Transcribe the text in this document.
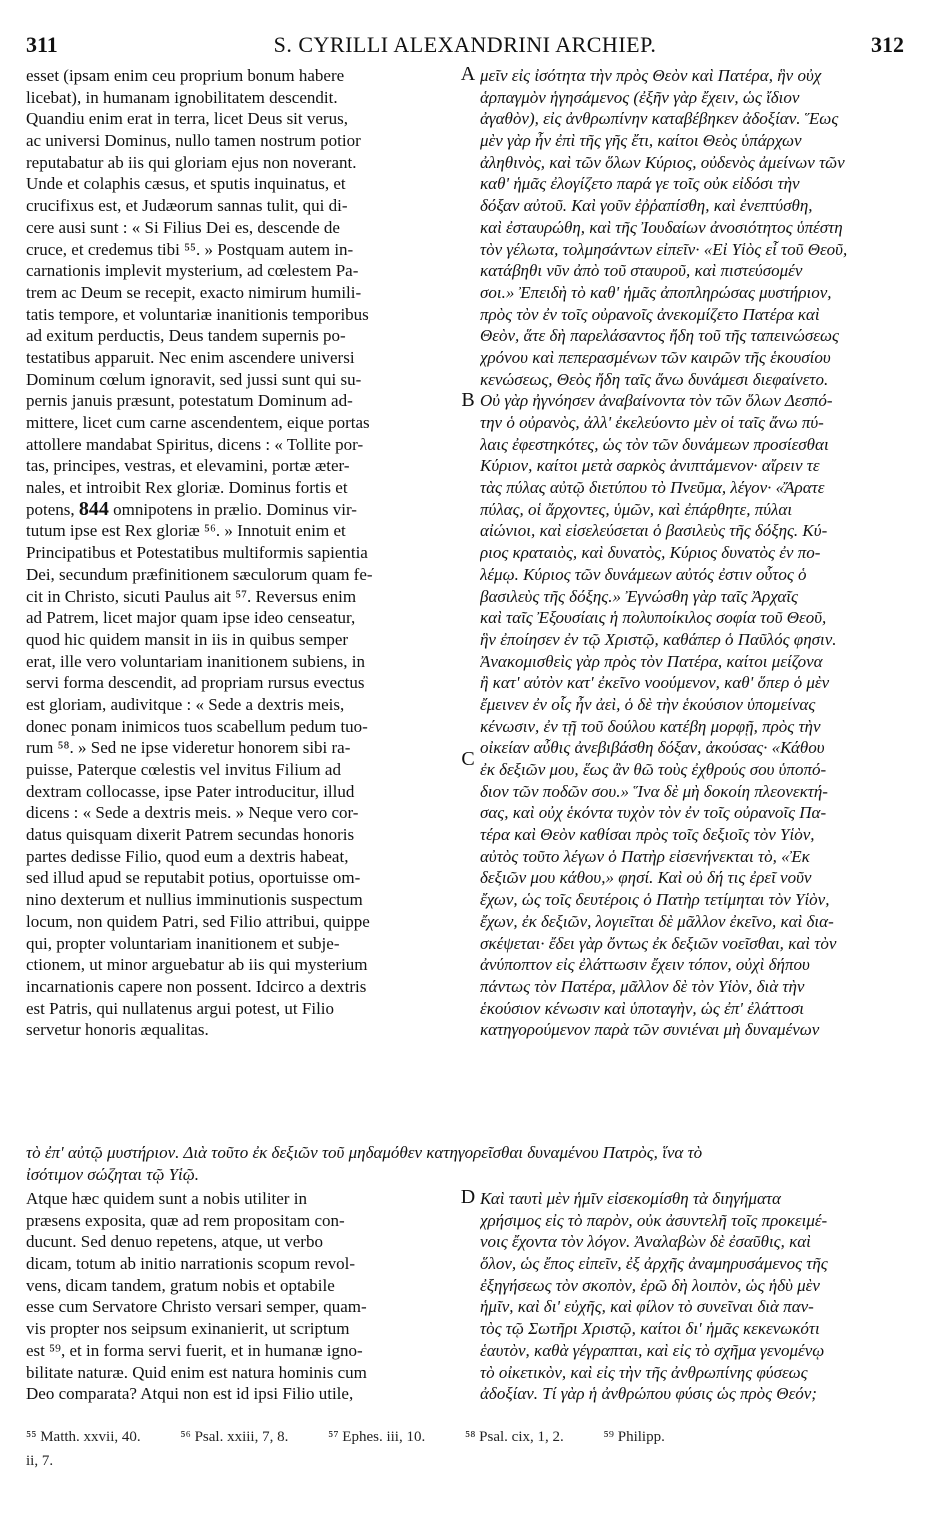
311	S. CYRILLI ALEXANDRINI ARCHIEP.	312
esset (ipsam enim ceu proprium bonum habere
licebat), in humanam ignobilitatem descendit.
Quandiu enim erat in terra, licet Deus sit verus,
ac universi Dominus, nullo tamen nostrum potior
reputabatur ab iis qui gloriam ejus non noverant.
Unde et colaphis cæsus, et sputis inquinatus, et
crucifixus est, et Judæorum sannas tulit, qui di-
cere ausi sunt : « Si Filius Dei es, descende de
cruce, et credemus tibi ⁵⁵. » Postquam autem in-
carnationis implevit mysterium, ad cœlestem Pa-
trem ac Deum se recepit, exacto nimirum humili-
tatis tempore, et voluntariæ inanitionis temporibus
ad exitum perductis, Deus tandem supernis po-
testatibus apparuit. Nec enim ascendere universi
Dominum cœlum ignoravit, sed jussi sunt qui su-
pernis januis præsunt, potestatum Dominum ad-
mittere, licet cum carne ascendentem, eique portas
attollere mandabat Spiritus, dicens : « Tollite por-
tas, principes, vestras, et elevamini, portæ æter-
nales, et introibit Rex gloriæ. Dominus fortis et
potens, 844 omnipotens in prælio. Dominus vir-
tutum ipse est Rex gloriæ ⁵⁶. » Innotuit enim et
Principatibus et Potestatibus multiformis sapientia
Dei, secundum præfinitionem sæculorum quam fe-
cit in Christo, sicuti Paulus ait ⁵⁷. Reversus enim
ad Patrem, licet major quam ipse ideo censeatur,
quod hic quidem mansit in iis in quibus semper
erat, ille vero voluntariam inanitionem subiens, in
servi forma descendit, ad propriam rursus evectus
est gloriam, audivitque : « Sede a dextris meis,
donec ponam inimicos tuos scabellum pedum tuo-
rum ⁵⁸. » Sed ne ipse videretur honorem sibi ra-
puisse, Paterque cœlestis vel invitus Filium ad
dextram collocasse, ipse Pater introducitur, illud
dicens : « Sede a dextris meis. » Neque vero cor-
datus quisquam dixerit Patrem secundas honoris
partes dedisse Filio, quod eum a dextris habeat,
sed illud apud se reputabit potius, oportuisse om-
nino dexterum et nullius imminutionis suspectum
locum, non quidem Patri, sed Filio attribui, quippe
qui, propter voluntariam inanitionem et subje-
ctionem, ut minor arguebatur ab iis qui mysterium
incarnationis capere non possent. Idcirco a dextris
est Patris, qui nullatenus argui potest, ut Filio
servetur honoris æqualitas.
μεῖν εἰς ἰσότητα τὴν πρὸς Θεὸν καὶ Πατέρα, ἣν οὐχ
ἁρπαγμὸν ἡγησάμενος (ἐξῆν γὰρ ἔχειν, ὡς ἴδιον
ἀγαθὸν), εἰς ἀνθρωπίνην καταβέβηκεν ἀδοξίαν. Ἕως
μὲν γὰρ ἦν ἐπὶ τῆς γῆς ἔτι, καίτοι Θεὸς ὑπάρχων
ἀληθινὸς, καὶ τῶν ὅλων Κύριος, οὐδενὸς ἀμείνων τῶν
καθ' ἡμᾶς ἐλογίζετο παρά γε τοῖς οὐκ εἰδόσι τὴν
δόξαν αὐτοῦ. Καὶ γοῦν ἐῤῥαπίσθη, καὶ ἐνεπτύσθη,
καὶ ἐσταυρώθη, καὶ τῆς Ἰουδαίων ἀνοσιότητος ὑπέστη
τὸν γέλωτα, τολμησάντων εἰπεῖν· «Εἰ Υἱὸς εἶ τοῦ Θεοῦ,
κατάβηθι νῦν ἀπὸ τοῦ σταυροῦ, καὶ πιστεύσομέν
σοι.» Ἐπειδὴ τὸ καθ' ἡμᾶς ἀποπληρώσας μυστήριον,
πρὸς τὸν ἐν τοῖς οὐρανοῖς ἀνεκομίζετο Πατέρα καὶ
Θεὸν, ἅτε δὴ παρελάσαντος ἤδη τοῦ τῆς ταπεινώσεως
χρόνου καὶ πεπερασμένων τῶν καιρῶν τῆς ἑκουσίου
κενώσεως, Θεὸς ἤδη ταῖς ἄνω δυνάμεσι διεφαίνετο.
Οὐ γὰρ ἠγνόησεν ἀναβαίνοντα τὸν τῶν ὅλων Δεσπό-
την ὁ οὐρανὸς, ἀλλ' ἐκελεύοντο μὲν οἱ ταῖς ἄνω πύ-
λαις ἐφεστηκότες, ὡς τὸν τῶν δυνάμεων προσίεσθαι
Κύριον, καίτοι μετὰ σαρκὸς ἀνιπτάμενον· αἴρειν τε
τὰς πύλας αὐτῷ διετύπου τὸ Πνεῦμα, λέγον· «Ἄρατε
πύλας, οἱ ἄρχοντες, ὑμῶν, καὶ ἐπάρθητε, πύλαι
αἰώνιοι, καὶ εἰσελεύσεται ὁ βασιλεὺς τῆς δόξης. Κύ-
ριος κραταιὸς, καὶ δυνατὸς, Κύριος δυνατὸς ἐν πο-
λέμῳ. Κύριος τῶν δυνάμεων αὐτός ἐστιν οὗτος ὁ
βασιλεὺς τῆς δόξης.» Ἐγνώσθη γὰρ ταῖς Ἀρχαῖς
καὶ ταῖς Ἐξουσίαις ἡ πολυποίκιλος σοφία τοῦ Θεοῦ,
ἣν ἐποίησεν ἐν τῷ Χριστῷ, καθάπερ ὁ Παῦλός φησιν.
Ἀνακομισθεὶς γὰρ πρὸς τὸν Πατέρα, καίτοι μείζονα
ἢ κατ' αὐτὸν κατ' ἐκεῖνο νοούμενον, καθ' ὅπερ ὁ μὲν
ἔμεινεν ἐν οἷς ἦν ἀεὶ, ὁ δὲ τὴν ἑκούσιον ὑπομείνας
κένωσιν, ἐν τῇ τοῦ δούλου κατέβη μορφῇ, πρὸς τὴν
οἰκείαν αὖθις ἀνεβιβάσθη δόξαν, ἀκούσας· «Κάθου
ἐκ δεξιῶν μου, ἕως ἂν θῶ τοὺς ἐχθρούς σου ὑποπό-
διον τῶν ποδῶν σου.» Ἵνα δὲ μὴ δοκοίη πλεονεκτή-
σας, καὶ οὐχ ἑκόντα τυχὸν τὸν ἐν τοῖς οὐρανοῖς Πα-
τέρα καὶ Θεὸν καθίσαι πρὸς τοῖς δεξιοῖς τὸν Υἱὸν,
αὐτὸς τοῦτο λέγων ὁ Πατὴρ εἰσενήνεκται τὸ, «Ἐκ
δεξιῶν μου κάθου,» φησί. Καὶ οὐ δή τις ἐρεῖ νοῦν
ἔχων, ὡς τοῖς δευτέροις ὁ Πατὴρ τετίμηται τὸν Υἱὸν,
ἔχων, ἐκ δεξιῶν, λογιεῖται δὲ μᾶλλον ἐκεῖνο, καὶ δια-
σκέψεται· ἔδει γὰρ ὄντως ἐκ δεξιῶν νοεῖσθαι, καὶ τὸν
ἀνύποπτον εἰς ἐλάττωσιν ἔχειν τόπον, οὐχὶ δήπου
πάντως τὸν Πατέρα, μᾶλλον δὲ τὸν Υἱὸν, διὰ τὴν
ἑκούσιον κένωσιν καὶ ὑποταγὴν, ὡς ἐπ' ἐλάττοσι
κατηγορούμενον παρὰ τῶν συνιέναι μὴ δυναμένων
A
B
C
D
τὸ ἐπ' αὐτῷ μυστήριον. Διὰ τοῦτο ἐκ δεξιῶν τοῦ μηδαμόθεν κατηγορεῖσθαι δυναμένου Πατρὸς, ἵνα τὸ
ἰσότιμον σώζηται τῷ Υἱῷ.
Atque hæc quidem sunt a nobis utiliter in
præsens exposita, quæ ad rem propositam con-
ducunt. Sed denuo repetens, atque, ut verbo
dicam, totum ab initio narrationis scopum revol-
vens, dicam tandem, gratum nobis et optabile
esse cum Servatore Christo versari semper, quam-
vis propter nos seipsum exinanierit, ut scriptum
est ⁵⁹, et in forma servi fuerit, et in humanæ igno-
bilitate naturæ. Quid enim est natura hominis cum
Deo comparata? Atqui non est id ipsi Filio utile,
Καὶ ταυτὶ μὲν ἡμῖν εἰσεκομίσθη τὰ διηγήματα
χρήσιμος εἰς τὸ παρὸν, οὐκ ἀσυντελῆ τοῖς προκειμέ-
νοις ἔχοντα τὸν λόγον. Ἀναλαβὼν δὲ ἐσαῦθις, καὶ
ὅλον, ὡς ἔπος εἰπεῖν, ἐξ ἀρχῆς ἀναμηρυσάμενος τῆς
ἐξηγήσεως τὸν σκοπὸν, ἐρῶ δὴ λοιπὸν, ὡς ἡδὺ μὲν
ἡμῖν, καὶ δι' εὐχῆς, καὶ φίλον τὸ συνεῖναι διὰ παν-
τὸς τῷ Σωτῆρι Χριστῷ, καίτοι δι' ἡμᾶς κεκενωκότι
ἑαυτὸν, καθὰ γέγραπται, καὶ εἰς τὸ σχῆμα γενομένῳ
τὸ οἰκετικὸν, καὶ εἰς τὴν τῆς ἀνθρωπίνης φύσεως
ἀδοξίαν. Τί γὰρ ἡ ἀνθρώπου φύσις ὡς πρὸς Θεόν;
⁵⁵ Matth. xxvii, 40.	⁵⁶ Psal. xxiii, 7, 8.	⁵⁷ Ephes. iii, 10.	⁵⁸ Psal. cix, 1, 2.	⁵⁹ Philipp.
ii, 7.
